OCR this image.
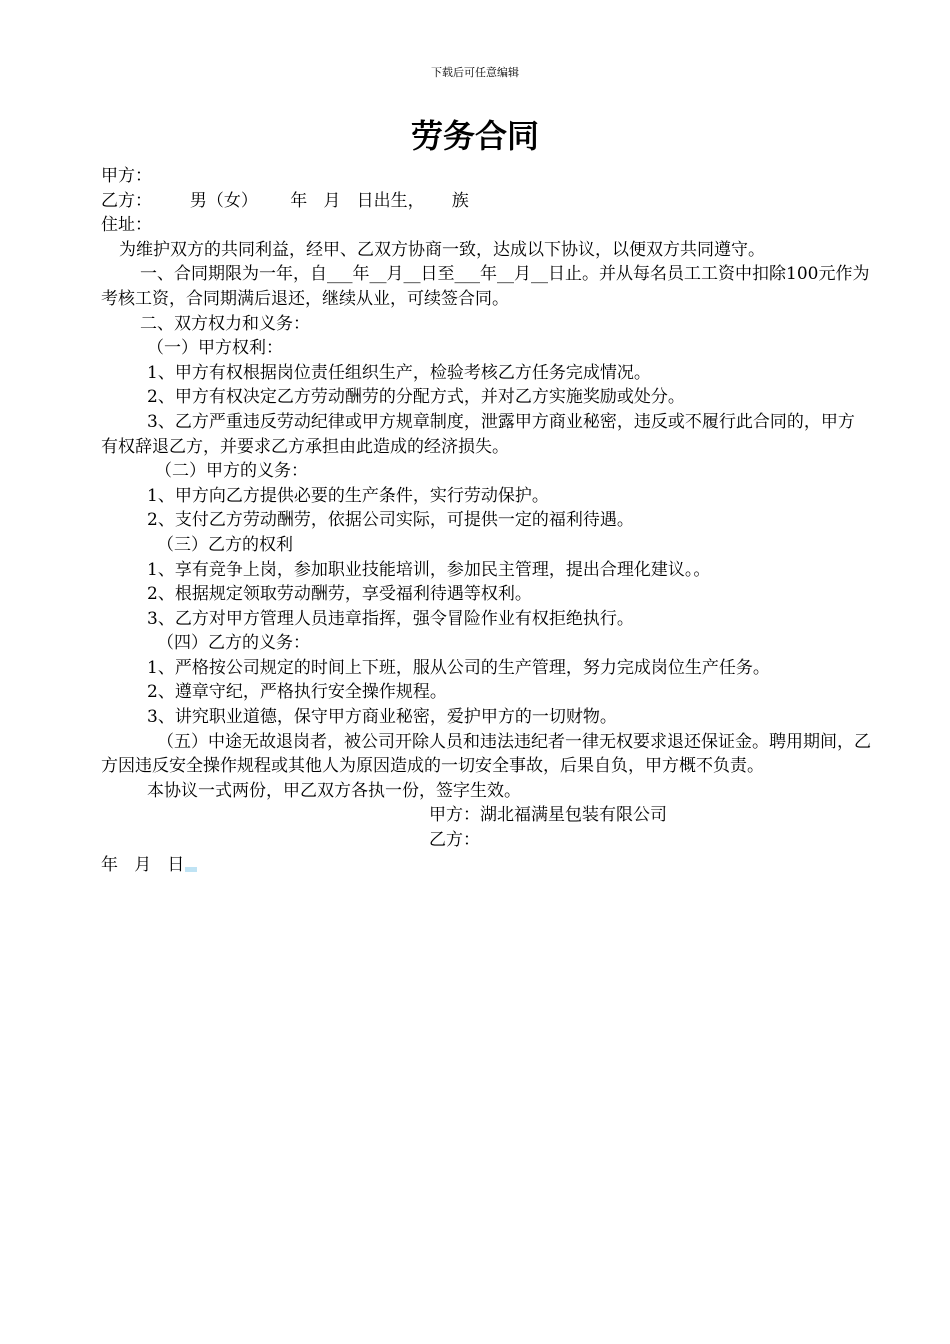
下载后可任意编辑
劳务合同

甲方：

乙方：       男（女）      年   月   日出生，     族

住址：

为维护双方的共同利益，经甲、乙双方协商一致，达成以下协议，以便双方共同遵守。

一、合同期限为一年，自___年__月__日至___年__月__日止。并从每名员工工资中扣除100元作为考核工资，合同期满后退还，继续从业，可续签合同。

二、双方权力和义务：

（一）甲方权利：

1、甲方有权根据岗位责任组织生产，检验考核乙方任务完成情况。

2、甲方有权决定乙方劳动酬劳的分配方式，并对乙方实施奖励或处分。

3、乙方严重违反劳动纪律或甲方规章制度，泄露甲方商业秘密，违反或不履行此合同的，甲方有权辞退乙方，并要求乙方承担由此造成的经济损失。

（二）甲方的义务：

1、甲方向乙方提供必要的生产条件，实行劳动保护。

2、支付乙方劳动酬劳，依据公司实际，可提供一定的福利待遇。

（三）乙方的权利

1、享有竞争上岗，参加职业技能培训，参加民主管理，提出合理化建议。。

2、根据规定领取劳动酬劳，享受福利待遇等权利。

3、乙方对甲方管理人员违章指挥，强令冒险作业有权拒绝执行。

（四）乙方的义务：

1、严格按公司规定的时间上下班，服从公司的生产管理，努力完成岗位生产任务。

2、遵章守纪，严格执行安全操作规程。

3、讲究职业道德，保守甲方商业秘密，爱护甲方的一切财物。

（五）中途无故退岗者，被公司开除人员和违法违纪者一律无权要求退还保证金。聘用期间，乙方因违反安全操作规程或其他人为原因造成的一切安全事故，后果自负，甲方概不负责。

本协议一式两份，甲乙双方各执一份，签字生效。

甲方：湖北福满星包装有限公司

乙方：

年   月   日
